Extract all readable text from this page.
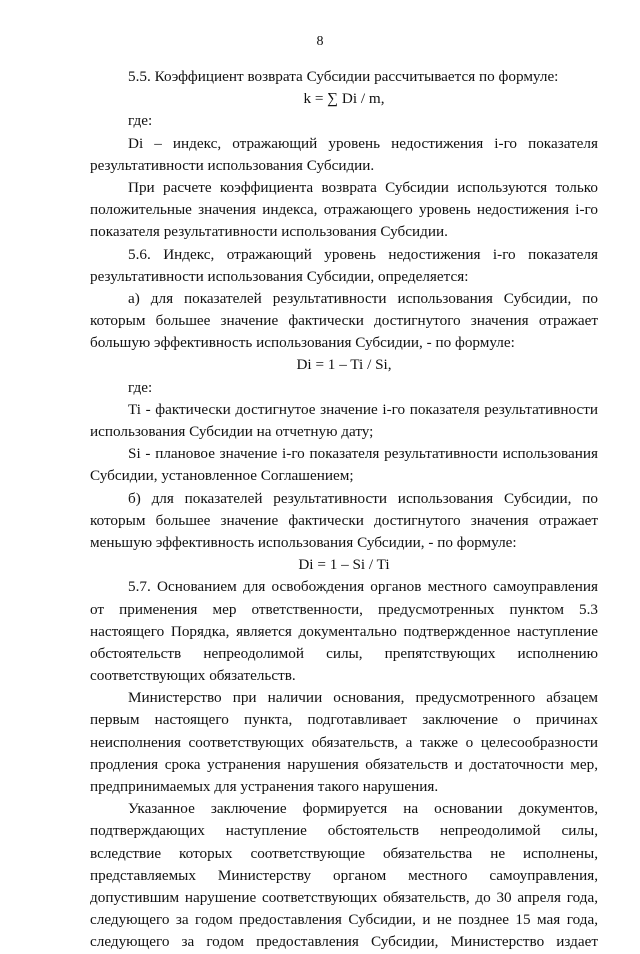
8
5.5. Коэффициент возврата Субсидии рассчитывается по формуле:
k = ∑ Di / m,
где:
Di – индекс, отражающий уровень недостижения i-го показателя
результативности использования Субсидии.
При расчете коэффициента возврата Субсидии используются только
положительные значения индекса, отражающего уровень недостижения i-го
показателя результативности использования Субсидии.
5.6. Индекс, отражающий уровень недостижения i-го показателя
результативности использования Субсидии, определяется:
а) для показателей результативности использования Субсидии, по
которым большее значение фактически достигнутого значения отражает
большую эффективность использования Субсидии, - по формуле:
Di = 1 – Ti / Si,
где:
Ti - фактически достигнутое значение i-го показателя результативности
использования Субсидии на отчетную дату;
Si - плановое значение i-го показателя результативности использования
Субсидии, установленное Соглашением;
б) для показателей результативности использования Субсидии, по
которым большее значение фактически достигнутого значения отражает
меньшую эффективность использования Субсидии, - по формуле:
Di = 1 – Si / Ti
5.7. Основанием для освобождения органов местного самоуправления
от применения мер ответственности, предусмотренных пунктом 5.3
настоящего Порядка, является документально подтвержденное наступление
обстоятельств непреодолимой силы, препятствующих исполнению
соответствующих обязательств.
Министерство при наличии основания, предусмотренного абзацем
первым настоящего пункта, подготавливает заключение о причинах
неисполнения соответствующих обязательств, а также о целесообразности
продления срока устранения нарушения обязательств и достаточности мер,
предпринимаемых для устранения такого нарушения.
Указанное заключение формируется на основании документов,
подтверждающих наступление обстоятельств непреодолимой силы,
вследствие которых соответствующие обязательства не исполнены,
представляемых Министерству органом местного самоуправления,
допустившим нарушение соответствующих обязательств, до 30 апреля года,
следующего за годом предоставления Субсидии, и не позднее 15 мая года,
следующего за годом предоставления Субсидии, Министерство издает
